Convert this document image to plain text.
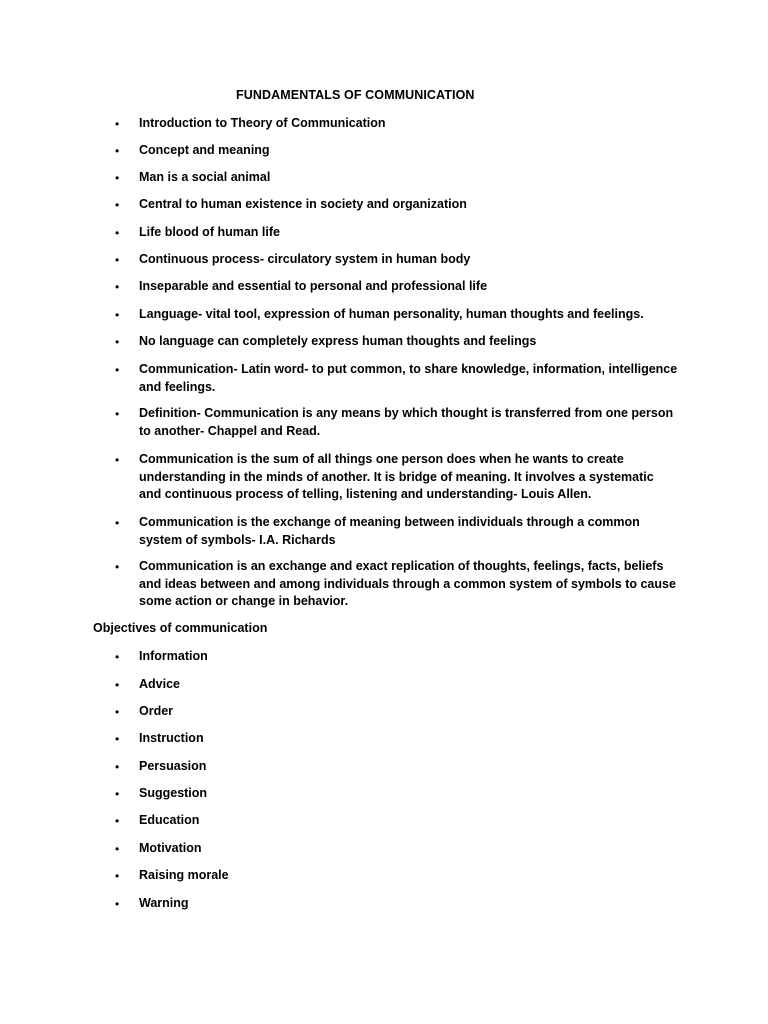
FUNDAMENTALS OF COMMUNICATION
• Introduction to Theory of Communication
• Concept and meaning
• Man is a social animal
• Central to human existence in society and organization
• Life blood of human life
• Continuous process- circulatory system in human body
• Inseparable and essential to personal and professional life
• Language- vital tool, expression of human personality, human thoughts and feelings.
• No language can completely express human thoughts and feelings
• Communication- Latin word- to put common, to share knowledge, information, intelligence and feelings.
• Definition- Communication is any means by which thought is transferred from one person to another- Chappel and Read.
• Communication is the sum of all things one person does when he wants to create understanding in the minds of another. It is bridge of meaning. It involves a systematic and continuous process of telling, listening and understanding- Louis Allen.
• Communication is the exchange of meaning between individuals through a common system of symbols- I.A. Richards
• Communication is an exchange and exact replication of thoughts, feelings, facts, beliefs and ideas between and among individuals through a common system of symbols to cause some action or change in behavior.
Objectives of communication
• Information
• Advice
• Order
• Instruction
• Persuasion
• Suggestion
• Education
• Motivation
• Raising morale
• Warning
